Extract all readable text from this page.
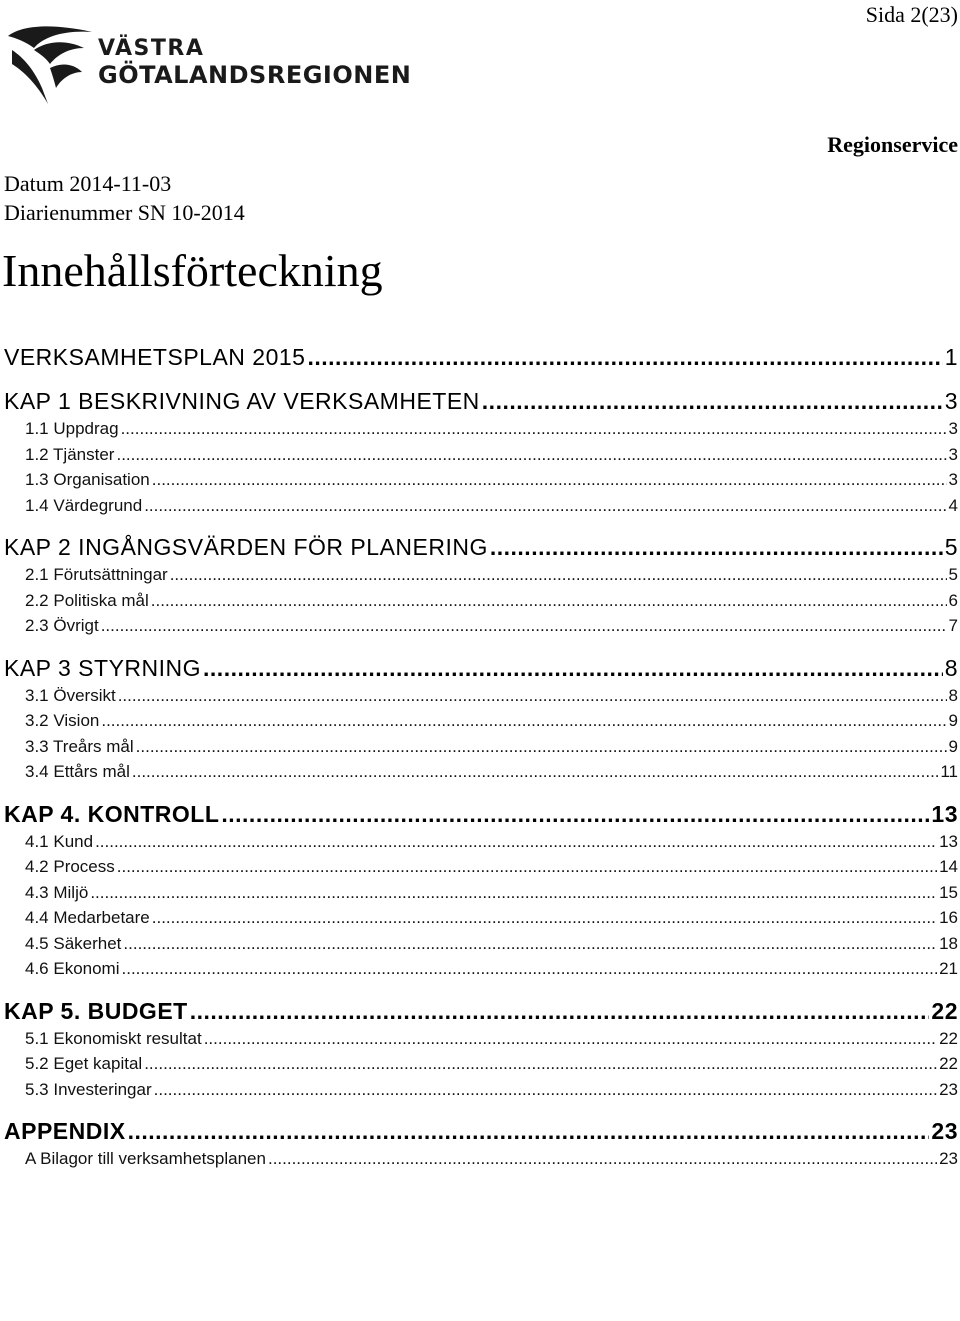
Sida 2(23)
VÄSTRA
GÖTALANDSREGIONEN
Regionservice
Datum 2014-11-03
Diarienummer SN 10-2014
Innehållsförteckning
VERKSAMHETSPLAN 2015 .....	1
KAP 1 BESKRIVNING AV VERKSAMHETEN .....	3
1.1 Uppdrag .....	3
1.2 Tjänster .....	3
1.3 Organisation .....	3
1.4 Värdegrund .....	4
KAP 2 INGÅNGSVÄRDEN FÖR PLANERING .....	5
2.1 Förutsättningar .....	5
2.2 Politiska mål .....	6
2.3 Övrigt .....	7
KAP 3 STYRNING .....	8
3.1 Översikt .....	8
3.2 Vision .....	9
3.3 Treårs mål .....	9
3.4 Ettårs mål .....	11
KAP 4. KONTROLL .....	13
4.1 Kund .....	13
4.2 Process .....	14
4.3 Miljö .....	15
4.4 Medarbetare .....	16
4.5 Säkerhet .....	18
4.6 Ekonomi .....	21
KAP 5. BUDGET .....	22
5.1 Ekonomiskt resultat .....	22
5.2 Eget kapital .....	22
5.3 Investeringar .....	23
APPENDIX .....	23
A Bilagor till verksamhetsplanen .....	23
